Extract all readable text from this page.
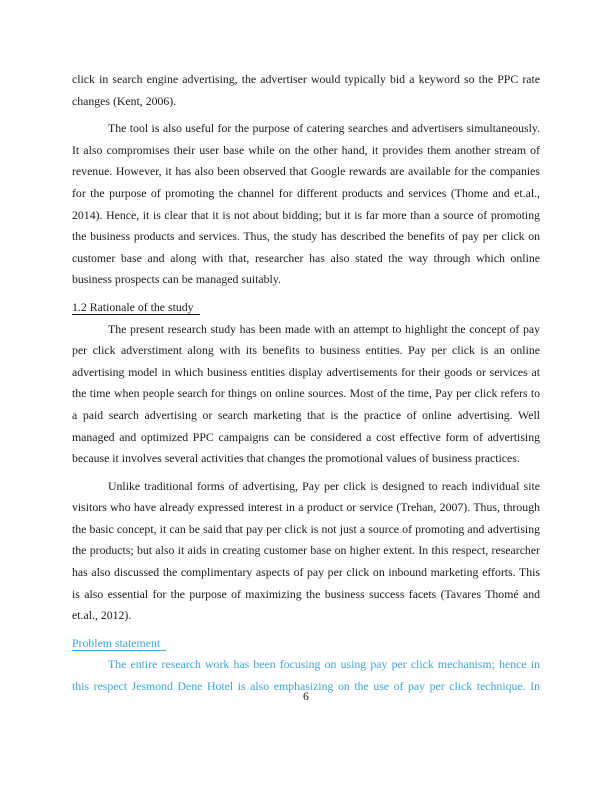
click in search engine advertising, the advertiser would typically bid a keyword so the PPC rate changes (Kent, 2006).

The tool is also useful for the purpose of catering searches and advertisers simultaneously. It also compromises their user base while on the other hand, it provides them another stream of revenue. However, it has also been observed that Google rewards are available for the companies for the purpose of promoting the channel for different products and services (Thome and et.al., 2014). Hence, it is clear that it is not about bidding; but it is far more than a source of promoting the business products and services. Thus, the study has described the benefits of pay per click on customer base and along with that, researcher has also stated the way through which online business prospects can be managed suitably.

1.2 Rationale of the study

The present research study has been made with an attempt to highlight the concept of pay per click adverstiment along with its benefits to business entities. Pay per click is an online advertising model in which business entities display advertisements for their goods or services at the time when people search for things on online sources. Most of the time, Pay per click refers to a paid search advertising or search marketing that is the practice of online advertising. Well managed and optimized PPC campaigns can be considered a cost effective form of advertising because it involves several activities that changes the promotional values of business practices.

Unlike traditional forms of advertising, Pay per click is designed to reach individual site visitors who have already expressed interest in a product or service (Trehan, 2007). Thus, through the basic concept, it can be said that pay per click is not just a source of promoting and advertising the products; but also it aids in creating customer base on higher extent. In this respect, researcher has also discussed the complimentary aspects of pay per click on inbound marketing efforts. This is also essential for the purpose of maximizing the business success facets (Tavares Thomé and et.al., 2012).

Problem statement

The entire research work has been focusing on using pay per click mechanism; hence in this respect Jesmond Dene Hotel is also emphasizing on the use of pay per click technique. In

6
